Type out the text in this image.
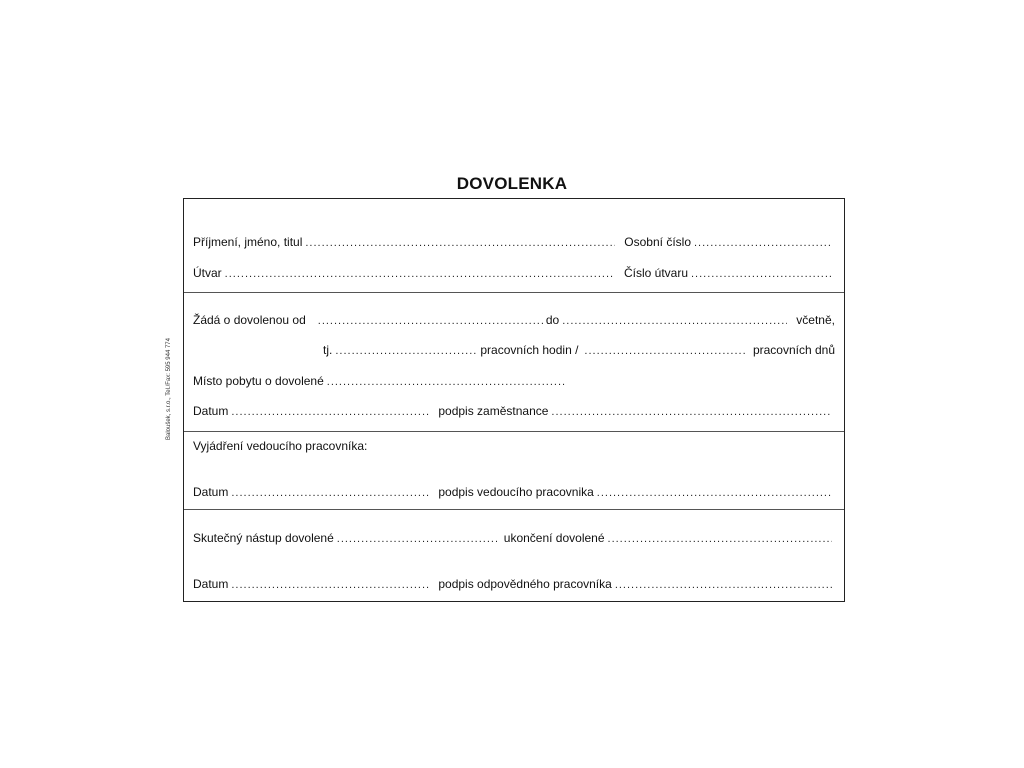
DOVOLENKA
Baloušek, s.r.o., Tel./Fax: 595 944 774
Příjmení, jméno, titul .....	Osobní číslo
.....
Útvar .....	Číslo útvaru
.....
Žádá o dovolenou od .....	do .....	včetně,
tj. .....	pracovních hodin / .....	pracovních dnů
Místo pobytu o dovolené
.....
Datum .....	podpis zaměstnance
.....
Vyjádření vedoucího pracovníka:
Datum .....	podpis vedoucího pracovnika
.....
Skutečný nástup dovolené .....	ukončení dovolené
.....
Datum .....	podpis odpovědného pracovníka
.....
